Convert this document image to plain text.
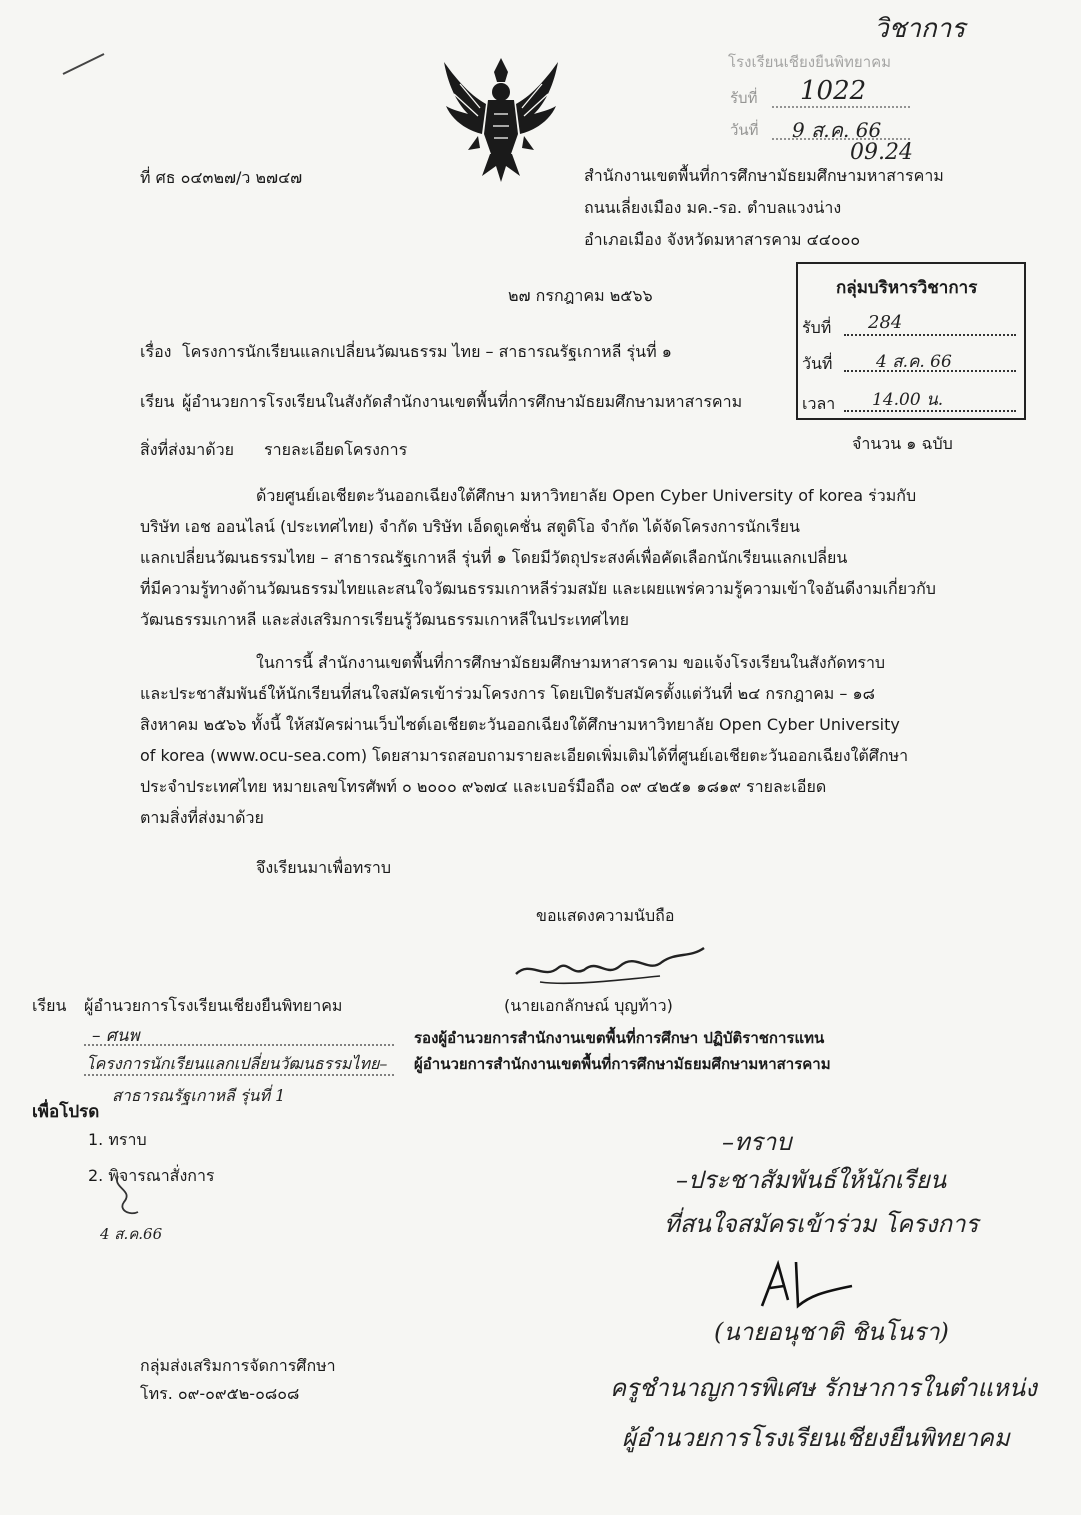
วิชาการ
โรงเรียนเชียงยืนพิทยาคม
รับที่ 1022
วันที่ 9 ส.ค. 66
09.24
ที่ ศธ ๐๔๓๒๗/ว ๒๗๔๗	สำนักงานเขตพื้นที่การศึกษามัธยมศึกษามหาสารคาม
ถนนเลี่ยงเมือง มค.-รอ. ตำบลแวงน่าง
อำเภอเมือง จังหวัดมหาสารคาม ๔๔๐๐๐
๒๗ กรกฎาคม ๒๕๖๖	กลุ่มบริหารวิชาการ
รับที่ 284
วันที่	4 ส.ค. 66
เวลา 14.00 น.
เรื่อง โครงการนักเรียนแลกเปลี่ยนวัฒนธรรม ไทย – สาธารณรัฐเกาหลี รุ่นที่ ๑
เรียน ผู้อำนวยการโรงเรียนในสังกัดสำนักงานเขตพื้นที่การศึกษามัธยมศึกษามหาสารคาม
สิ่งที่ส่งมาด้วย รายละเอียดโครงการ	จำนวน ๑ ฉบับ
ด้วยศูนย์เอเชียตะวันออกเฉียงใต้ศึกษา มหาวิทยาลัย Open Cyber University of korea ร่วมกับ
บริษัท เอช ออนไลน์ (ประเทศไทย) จำกัด บริษัท เอ็ดดูเคชั่น สตูดิโอ จำกัด ได้จัดโครงการนักเรียน
แลกเปลี่ยนวัฒนธรรมไทย – สาธารณรัฐเกาหลี รุ่นที่ ๑ โดยมีวัตถุประสงค์เพื่อคัดเลือกนักเรียนแลกเปลี่ยน
ที่มีความรู้ทางด้านวัฒนธรรมไทยและสนใจวัฒนธรรมเกาหลีร่วมสมัย และเผยแพร่ความรู้ความเข้าใจอันดีงามเกี่ยวกับ
วัฒนธรรมเกาหลี และส่งเสริมการเรียนรู้วัฒนธรรมเกาหลีในประเทศไทย
ในการนี้ สำนักงานเขตพื้นที่การศึกษามัธยมศึกษามหาสารคาม ขอแจ้งโรงเรียนในสังกัดทราบ
และประชาสัมพันธ์ให้นักเรียนที่สนใจสมัครเข้าร่วมโครงการ โดยเปิดรับสมัครตั้งแต่วันที่ ๒๔ กรกฎาคม – ๑๘
สิงหาคม ๒๕๖๖ ทั้งนี้ ให้สมัครผ่านเว็บไซต์เอเชียตะวันออกเฉียงใต้ศึกษามหาวิทยาลัย Open Cyber University
of korea (www.ocu-sea.com) โดยสามารถสอบถามรายละเอียดเพิ่มเติมได้ที่ศูนย์เอเชียตะวันออกเฉียงใต้ศึกษา
ประจำประเทศไทย หมายเลขโทรศัพท์ ๐ ๒๐๐๐ ๙๖๗๔ และเบอร์มือถือ ๐๙ ๔๒๕๑ ๑๘๑๙ รายละเอียด
ตามสิ่งที่ส่งมาด้วย
จึงเรียนมาเพื่อทราบ
ขอแสดงความนับถือ
(นายเอกลักษณ์ บุญท้าว)
รองผู้อำนวยการสำนักงานเขตพื้นที่การศึกษา ปฏิบัติราชการแทน
ผู้อำนวยการสำนักงานเขตพื้นที่การศึกษามัธยมศึกษามหาสารคาม
เรียน ผู้อำนวยการโรงเรียนเชียงยืนพิทยาคม
– ศนพ
โครงการนักเรียนแลกเปลี่ยนวัฒนธรรมไทย–
เพื่อโปรด
สาธารณรัฐเกาหลี รุ่นที่ 1
1. ทราบ
2. พิจารณาสั่งการ
4 ส.ค.66
–ทราบ
–ประชาสัมพันธ์ให้นักเรียน
ที่สนใจสมัครเข้าร่วม โครงการ
(นายอนุชาติ ชินโนรา)
ครูชำนาญการพิเศษ รักษาการในตำแหน่ง
ผู้อำนวยการโรงเรียนเชียงยืนพิทยาคม
กลุ่มส่งเสริมการจัดการศึกษา
โทร. ๐๙-๐๙๕๒-๐๘๐๘
